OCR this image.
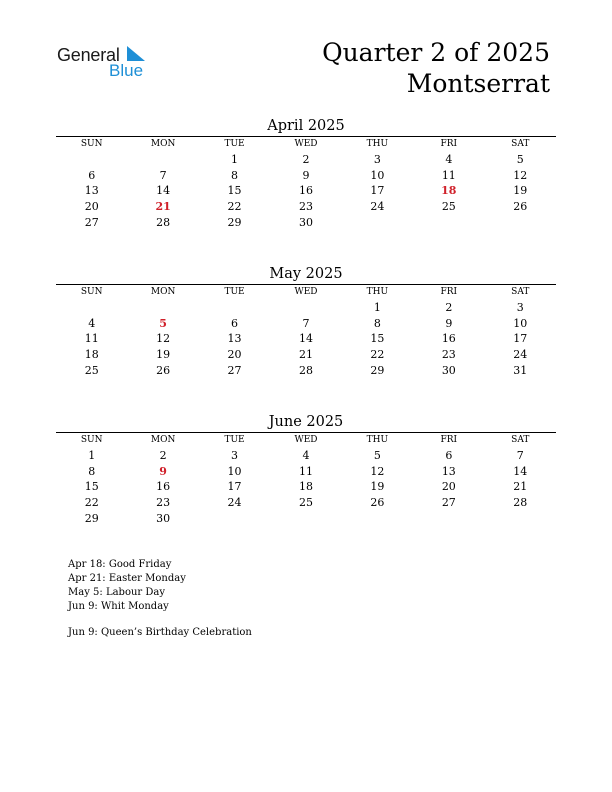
General
Blue
Quarter 2 of 2025
Montserrat
April 2025
SUN	MON	TUE	WED	THU	FRI	SAT
		1	2	3	4	5
6	7	8	9	10	11	12
13	14	15	16	17	18	19
20	21	22	23	24	25	26
27	28	29	30			
May 2025
SUN	MON	TUE	WED	THU	FRI	SAT
				1	2	3
4	5	6	7	8	9	10
11	12	13	14	15	16	17
18	19	20	21	22	23	24
25	26	27	28	29	30	31
June 2025
SUN	MON	TUE	WED	THU	FRI	SAT
1	2	3	4	5	6	7
8	9	10	11	12	13	14
15	16	17	18	19	20	21
22	23	24	25	26	27	28
29	30					
Apr 18: Good Friday
Apr 21: Easter Monday
May 5: Labour Day
Jun 9: Whit Monday
Jun 9: Queen’s Birthday Celebration
